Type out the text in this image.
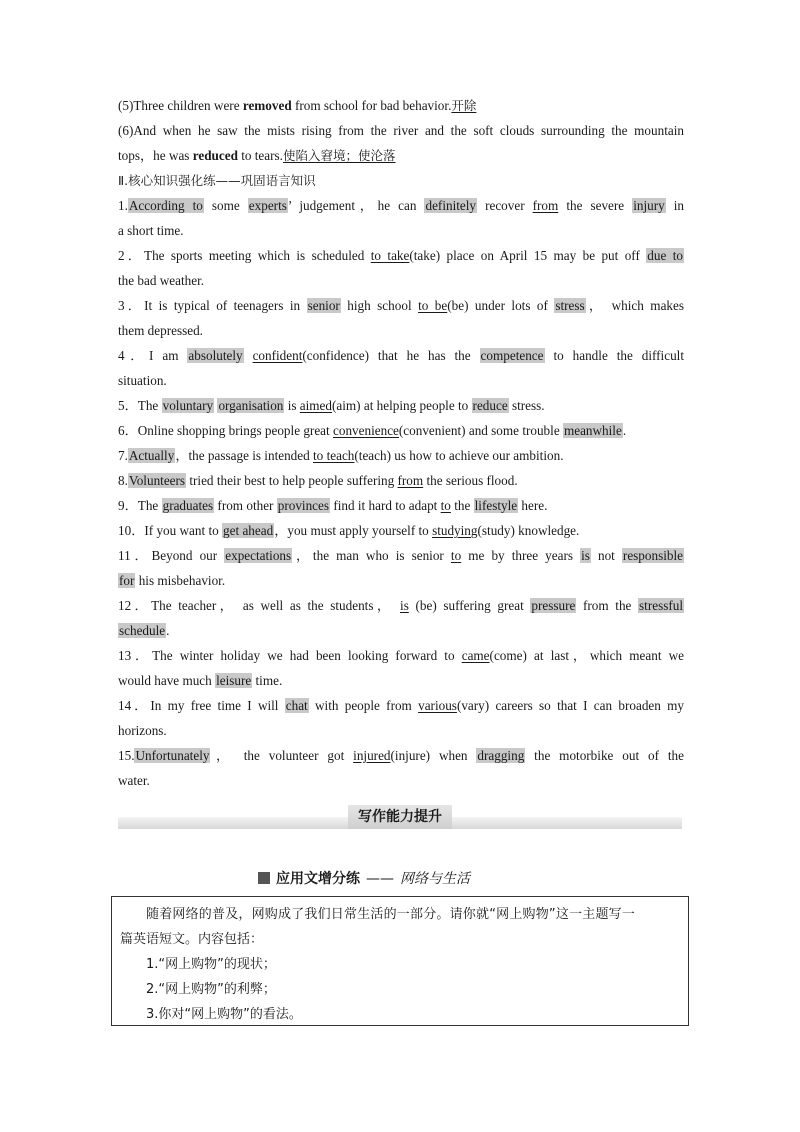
(5)Three children were removed from school for bad behavior.开除
(6)And when he saw the mists rising from the river and the soft clouds surrounding the mountain
tops，he was reduced to tears.使陷入窘境；使沦落
Ⅱ.核心知识强化练——巩固语言知识
1.According to some experts’ judgement，he can definitely recover from the severe injury in
a short time.
2．The sports meeting which is scheduled to take(take) place on April 15 may be put off due to
the bad weather.
3．It is typical of teenagers in senior high school to be(be) under lots of stress， which makes
them depressed.
4．I am absolutely confident(confidence) that he has the competence to handle the difficult
situation.
5．The voluntary organisation is aimed(aim) at helping people to reduce stress.
6．Online shopping brings people great convenience(convenient) and some trouble meanwhile.
7.Actually，the passage is intended to teach(teach) us how to achieve our ambition.
8.Volunteers tried their best to help people suffering from the serious flood.
9．The graduates from other provinces find it hard to adapt to the lifestyle here.
10．If you want to get ahead，you must apply yourself to studying(study) knowledge.
11．Beyond our expectations，the man who is senior to me by three years is not responsible
for his misbehavior.
12．The teacher， as well as the students， is (be) suffering great pressure from the stressful
schedule.
13．The winter holiday we had been looking forward to came(come) at last，which meant we
would have much leisure time.
14．In my free time I will chat with people from various(vary) careers so that I can broaden my
horizons.
15.Unfortunately， the volunteer got injured(injure) when dragging the motorbike out of the
water.
写作能力提升
应用文增分练 —— 网络与生活
随着网络的普及，网购成了我们日常生活的一部分。请你就“网上购物”这一主题写一
篇英语短文。内容包括：
1.“网上购物”的现状；
2.“网上购物”的利弊；
3.你对“网上购物”的看法。
